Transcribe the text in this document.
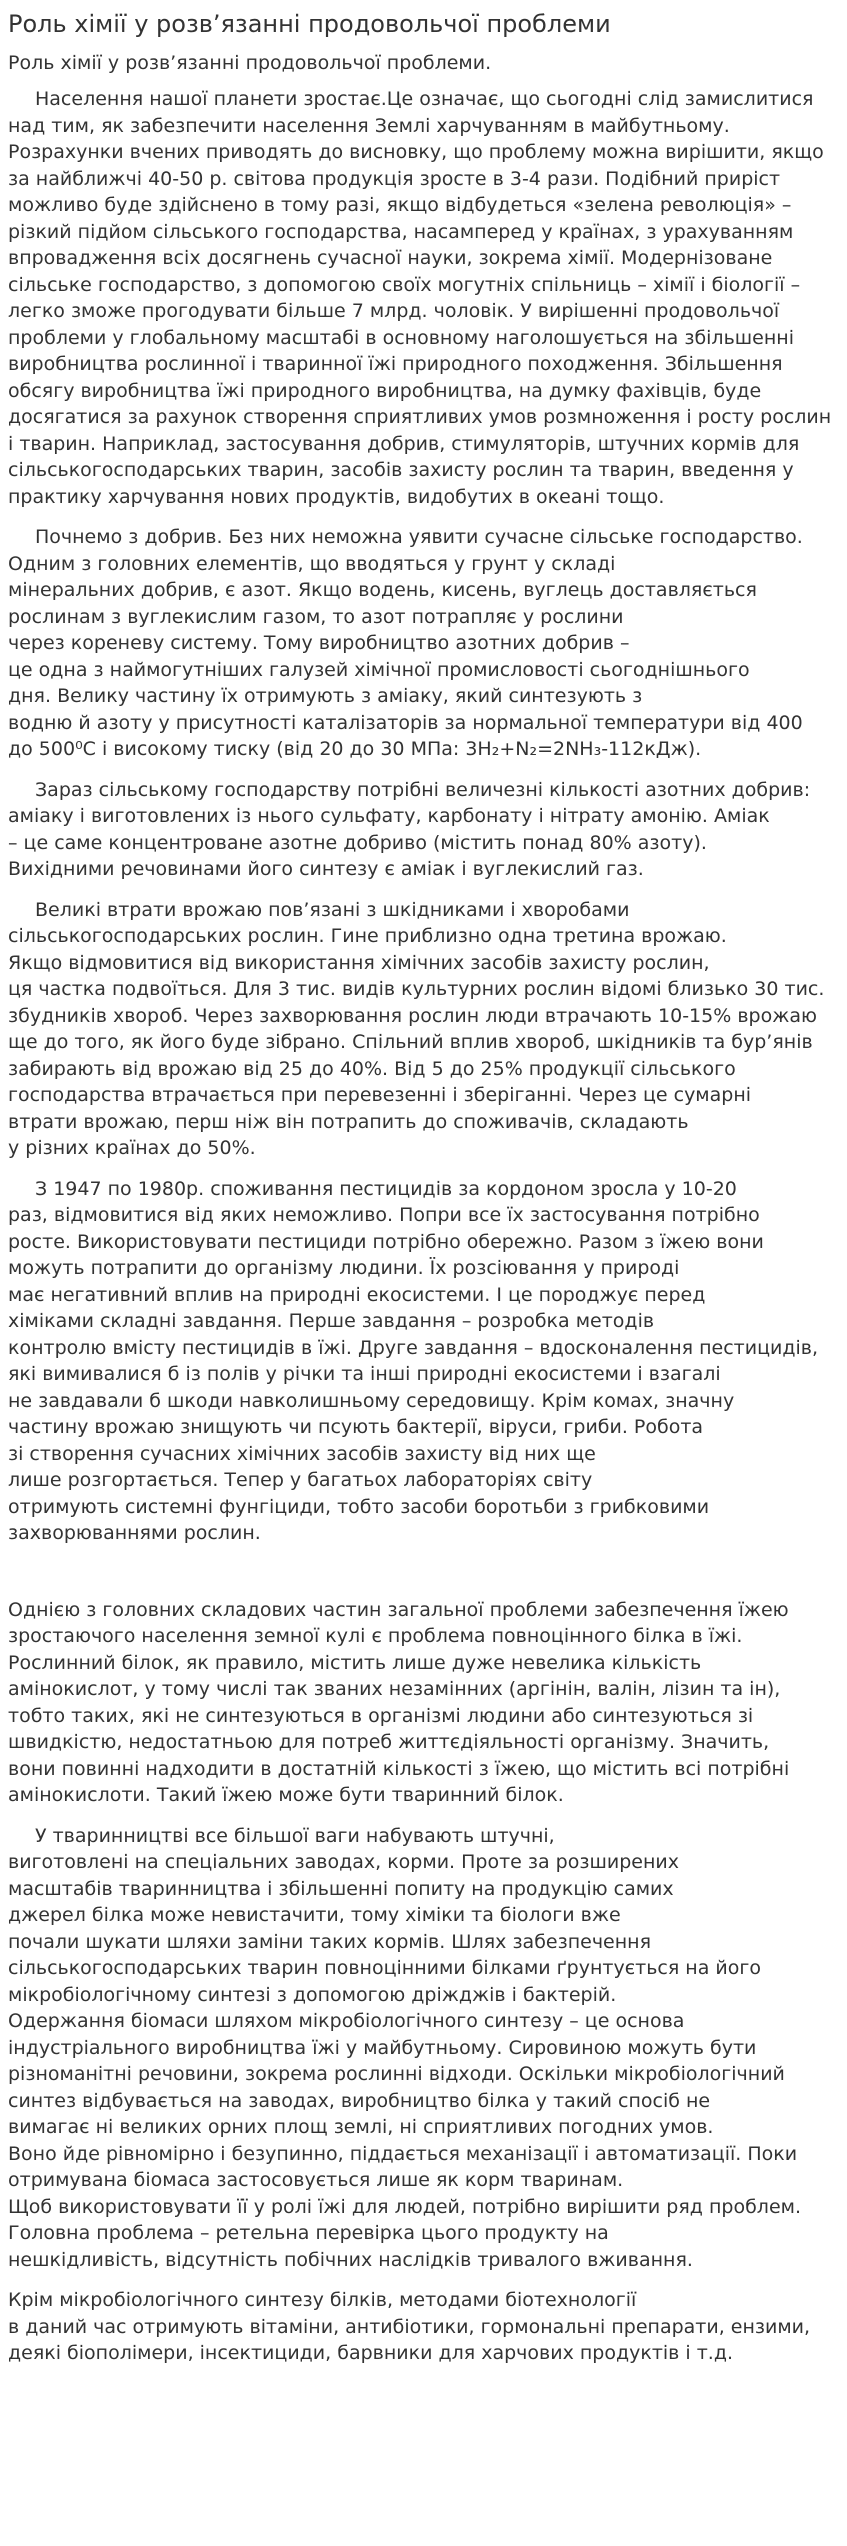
Роль хімії у розв’язанні продовольчої проблеми
Роль хімії у розв’язанні продовольчої проблеми.
Населення нашої планети зростає.Це означає, що сьогодні слід замислитися
над тим, як забезпечити населення Землі харчуванням в майбутньому.
Розрахунки вчених приводять до висновку, що проблему можна вирішити, якщо
за найближчі 40-50 р. світова продукція зросте в 3-4 рази. Подібний приріст
можливо буде здійснено в тому разі, якщо відбудеться «зелена революція» –
різкий підйом сільського господарства, насамперед у країнах, з урахуванням
впровадження всіх досягнень сучасної науки, зокрема хімії. Модернізоване
сільське господарство, з допомогою своїх могутніх спільниць – хімії і біології –
легко зможе прогодувати більше 7 млрд. чоловік. У вирішенні продовольчої
проблеми у глобальному масштабі в основному наголошується на збільшенні
виробництва рослинної і тваринної їжі природного походження. Збільшення
обсягу виробництва їжі природного виробництва, на думку фахівців, буде
досягатися за рахунок створення сприятливих умов розмноження і росту рослин
і тварин. Наприклад, застосування добрив, стимуляторів, штучних кормів для
сільськогосподарських тварин, засобів захисту рослин та тварин, введення у
практику харчування нових продуктів, видобутих в океані тощо.
Почнемо з добрив. Без них неможна уявити сучасне сільське господарство.
Одним з головних елементів, що вводяться у грунт у складі
мінеральних добрив, є азот. Якщо водень, кисень, вуглець доставляється
рослинам з вуглекислим газом, то азот потрапляє у рослини
через кореневу систему. Тому виробництво азотних добрив –
це одна з наймогутніших галузей хімічної промисловості сьогоднішнього
дня. Велику частину їх отримують з аміаку, який синтезують з
водню й азоту у присутності каталізаторів за нормальної температури від 400
до 500⁰С і високому тиску (від 20 до 30 МПа: 3H₂+N₂=2NH₃-112кДж).
Зараз сільському господарству потрібні величезні кількості азотних добрив:
аміаку і виготовлених із нього сульфату, карбонату і нітрату амонію. Аміак
– це саме концентроване азотне добриво (містить понад 80% азоту).
Вихідними речовинами його синтезу є аміак і вуглекислий газ.
Великі втрати врожаю пов’язані з шкідниками і хворобами
сільськогосподарських рослин. Гине приблизно одна третина врожаю.
Якщо відмовитися від використання хімічних засобів захисту рослин,
ця частка подвоїться. Для 3 тис. видів культурних рослин відомі близько 30 тис.
збудників хвороб. Через захворювання рослин люди втрачають 10-15% врожаю
ще до того, як його буде зібрано. Спільний вплив хвороб, шкідників та бур’янів
забирають від врожаю від 25 до 40%. Від 5 до 25% продукції сільського
господарства втрачається при перевезенні і зберіганні. Через це сумарні
втрати врожаю, перш ніж він потрапить до споживачів, складають
у різних країнах до 50%.
З 1947 по 1980р. споживання пестицидів за кордоном зросла у 10-20
раз, відмовитися від яких неможливо. Попри все їх застосування потрібно
росте. Використовувати пестициди потрібно обережно. Разом з їжею вони
можуть потрапити до організму людини. Їх розсіювання у природі
має негативний вплив на природні екосистеми. І це породжує перед
хіміками складні завдання. Перше завдання – розробка методів
контролю вмісту пестицидів в їжі. Друге завдання – вдосконалення пестицидів,
які вимивалися б із полів у річки та інші природні екосистеми і взагалі
не завдавали б шкоди навколишньому середовищу. Крім комах, значну
частину врожаю знищують чи псують бактерії, віруси, гриби. Робота
зі створення сучасних хімічних засобів захисту від них ще
лише розгортається. Тепер у багатьох лабораторіях світу
отримують системні фунгіциди, тобто засоби боротьби з грибковими
захворюваннями рослин.
Однією з головних складових частин загальної проблеми забезпечення їжею
зростаючого населення земної кулі є проблема повноцінного білка в їжі.
Рослинний білок, як правило, містить лише дуже невелика кількість
амінокислот, у тому числі так званих незамінних (аргінін, валін, лізин та ін),
тобто таких, які не синтезуються в організмі людини або синтезуються зі
швидкістю, недостатньою для потреб життєдіяльності організму. Значить,
вони повинні надходити в достатній кількості з їжею, що містить всі потрібні
амінокислоти. Такий їжею може бути тваринний білок.
У тваринництві все більшої ваги набувають штучні,
виготовлені на спеціальних заводах, корми. Проте за розширених
масштабів тваринництва і збільшенні попиту на продукцію самих
джерел білка може невистачити, тому хіміки та біологи вже
почали шукати шляхи заміни таких кормів. Шлях забезпечення
сільськогосподарських тварин повноцінними білками ґрунтується на його
мікробіологічному синтезі з допомогою дріжджів і бактерій.
Одержання біомаси шляхом мікробіологічного синтезу – це основа
індустріального виробництва їжі у майбутньому. Сировиною можуть бути
різноманітні речовини, зокрема рослинні відходи. Оскільки мікробіологічний
синтез відбувається на заводах, виробництво білка у такий спосіб не
вимагає ні великих орних площ землі, ні сприятливих погодних умов.
Воно йде рівномірно і безупинно, піддається механізації і автоматизації. Поки
отримувана біомаса застосовується лише як корм тваринам.
Щоб використовувати її у ролі їжі для людей, потрібно вирішити ряд проблем.
Головна проблема – ретельна перевірка цього продукту на
нешкідливість, відсутність побічних наслідків тривалого вживання.
Крім мікробіологічного синтезу білків, методами біотехнології
в даний час отримують вітаміни, антибіотики, гормональні препарати, ензими,
деякі біополімери, інсектициди, барвники для харчових продуктів і т.д.
